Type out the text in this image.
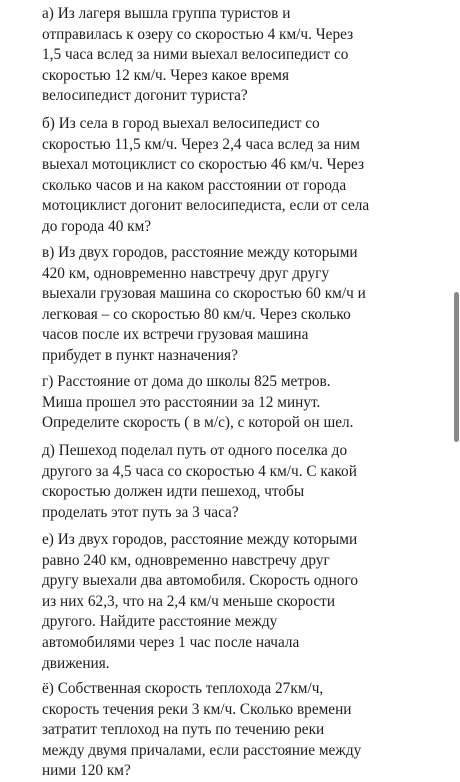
а) Из лагеря вышла группа туристов и
отправилась к озеру со скоростью 4 км/ч. Через
1,5 часа вслед за ними выехал велосипедист со
скоростью 12 км/ч. Через какое время
велосипедист догонит туриста?

б) Из села в город выехал велосипедист со
скоростью 11,5 км/ч. Через 2,4 часа вслед за ним
выехал мотоциклист со скоростью 46 км/ч. Через
сколько часов и на каком расстоянии от города
мотоциклист догонит велосипедиста, если от села
до города 40 км?

в) Из двух городов, расстояние между которыми
420 км, одновременно навстречу друг другу
выехали грузовая машина со скоростью 60 км/ч и
легковая – со скоростью 80 км/ч. Через сколько
часов после их встречи грузовая машина
прибудет в пункт назначения?

г) Расстояние от дома до школы 825 метров.
Миша прошел это расстоянии за 12 минут.
Определите скорость ( в м/с), с которой он шел.

д) Пешеход поделал путь от одного поселка до
другого за 4,5 часа со скоростью 4 км/ч. С какой
скоростью должен идти пешеход, чтобы
проделать этот путь за 3 часа?

е) Из двух городов, расстояние между которыми
равно 240 км, одновременно навстречу друг
другу выехали два автомобиля. Скорость одного
из них 62,3, что на 2,4 км/ч меньше скорости
другого. Найдите расстояние между
автомобилями через 1 час после начала
движения.

ё) Собственная скорость теплохода 27км/ч,
скорость течения реки 3 км/ч. Сколько времени
затратит теплоход на путь по течению реки
между двумя причалами, если расстояние между
ними 120 км?
